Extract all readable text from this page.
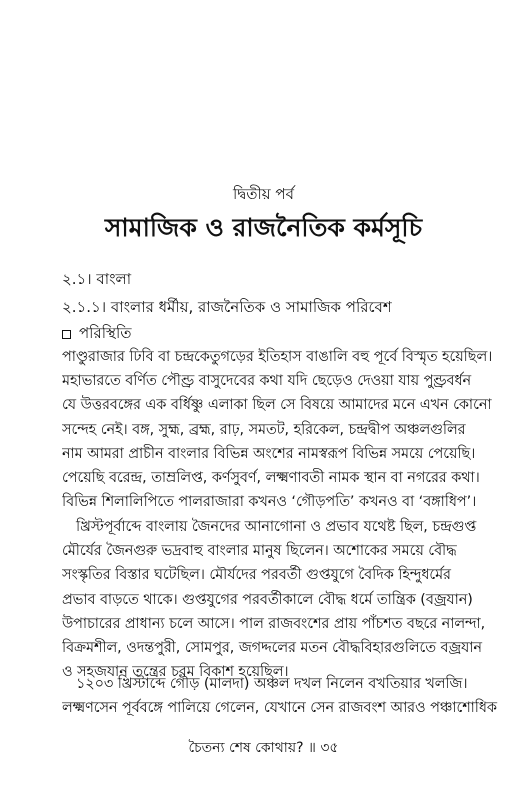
দ্বিতীয় পর্ব
সামাজিক ও রাজনৈতিক কর্মসূচি
২.১। বাংলা
২.১.১। বাংলার ধর্মীয়, রাজনৈতিক ও সামাজিক পরিবেশ
পরিস্থিতি
পাণ্ডুরাজার ঢিবি বা চন্দ্রকেতুগড়ের ইতিহাস বাঙালি বহু পূর্বে বিস্মৃত হয়েছিল।
মহাভারতে বর্ণিত পৌণ্ড্র বাসুদেবের কথা যদি ছেড়েও দেওয়া যায় পুণ্ড্রবর্ধন
যে উত্তরবঙ্গের এক বর্ধিষ্ণু এলাকা ছিল সে বিষয়ে আমাদের মনে এখন কোনো
সন্দেহ নেই। বঙ্গ, সুহ্ম, ব্রহ্ম, রাঢ়, সমতট, হরিকেল, চন্দ্রদ্বীপ অঞ্চলগুলির
নাম আমরা প্রাচীন বাংলার বিভিন্ন অংশের নামস্বরূপ বিভিন্ন সময়ে পেয়েছি।
পেয়েছি বরেন্দ্র, তাম্রলিপ্ত, কর্ণসুবর্ণ, লক্ষ্মণাবতী নামক স্থান বা নগরের কথা।
বিভিন্ন শিলালিপিতে পালরাজারা কখনও ‘গৌড়পতি’ কখনও বা ‘বঙ্গাধিপ’।
খ্রিস্টপূর্বাব্দে বাংলায় জৈনদের আনাগোনা ও প্রভাব যথেষ্ট ছিল, চন্দ্রগুপ্ত
মৌর্যের জৈনগুরু ভদ্রবাহু বাংলার মানুষ ছিলেন। অশোকের সময়ে বৌদ্ধ
সংস্কৃতির বিস্তার ঘটেছিল। মৌর্যদের পরবর্তী গুপ্তযুগে বৈদিক হিন্দুধর্মের
প্রভাব বাড়তে থাকে। গুপ্তযুগের পরবর্তীকালে বৌদ্ধ ধর্মে তান্ত্রিক (বজ্রযান)
উপাচারের প্রাধান্য চলে আসে। পাল রাজবংশের প্রায় পাঁচশত বছরে নালন্দা,
বিক্রমশীল, ওদন্তপুরী, সোমপুর, জগদ্দলের মতন বৌদ্ধবিহারগুলিতে বজ্রযান
ও সহজযান তন্ত্রের চরম বিকাশ হয়েছিল।
১২০৩ খ্রিস্টাব্দে গৌড় (মালদা) অঞ্চল দখল নিলেন বখতিয়ার খলজি।
লক্ষ্মণসেন পূর্ববঙ্গে পালিয়ে গেলেন, যেখানে সেন রাজবংশ আরও পঞ্চাশোধিক
চৈতন্য শেষ কোথায়? ॥ ৩৫
